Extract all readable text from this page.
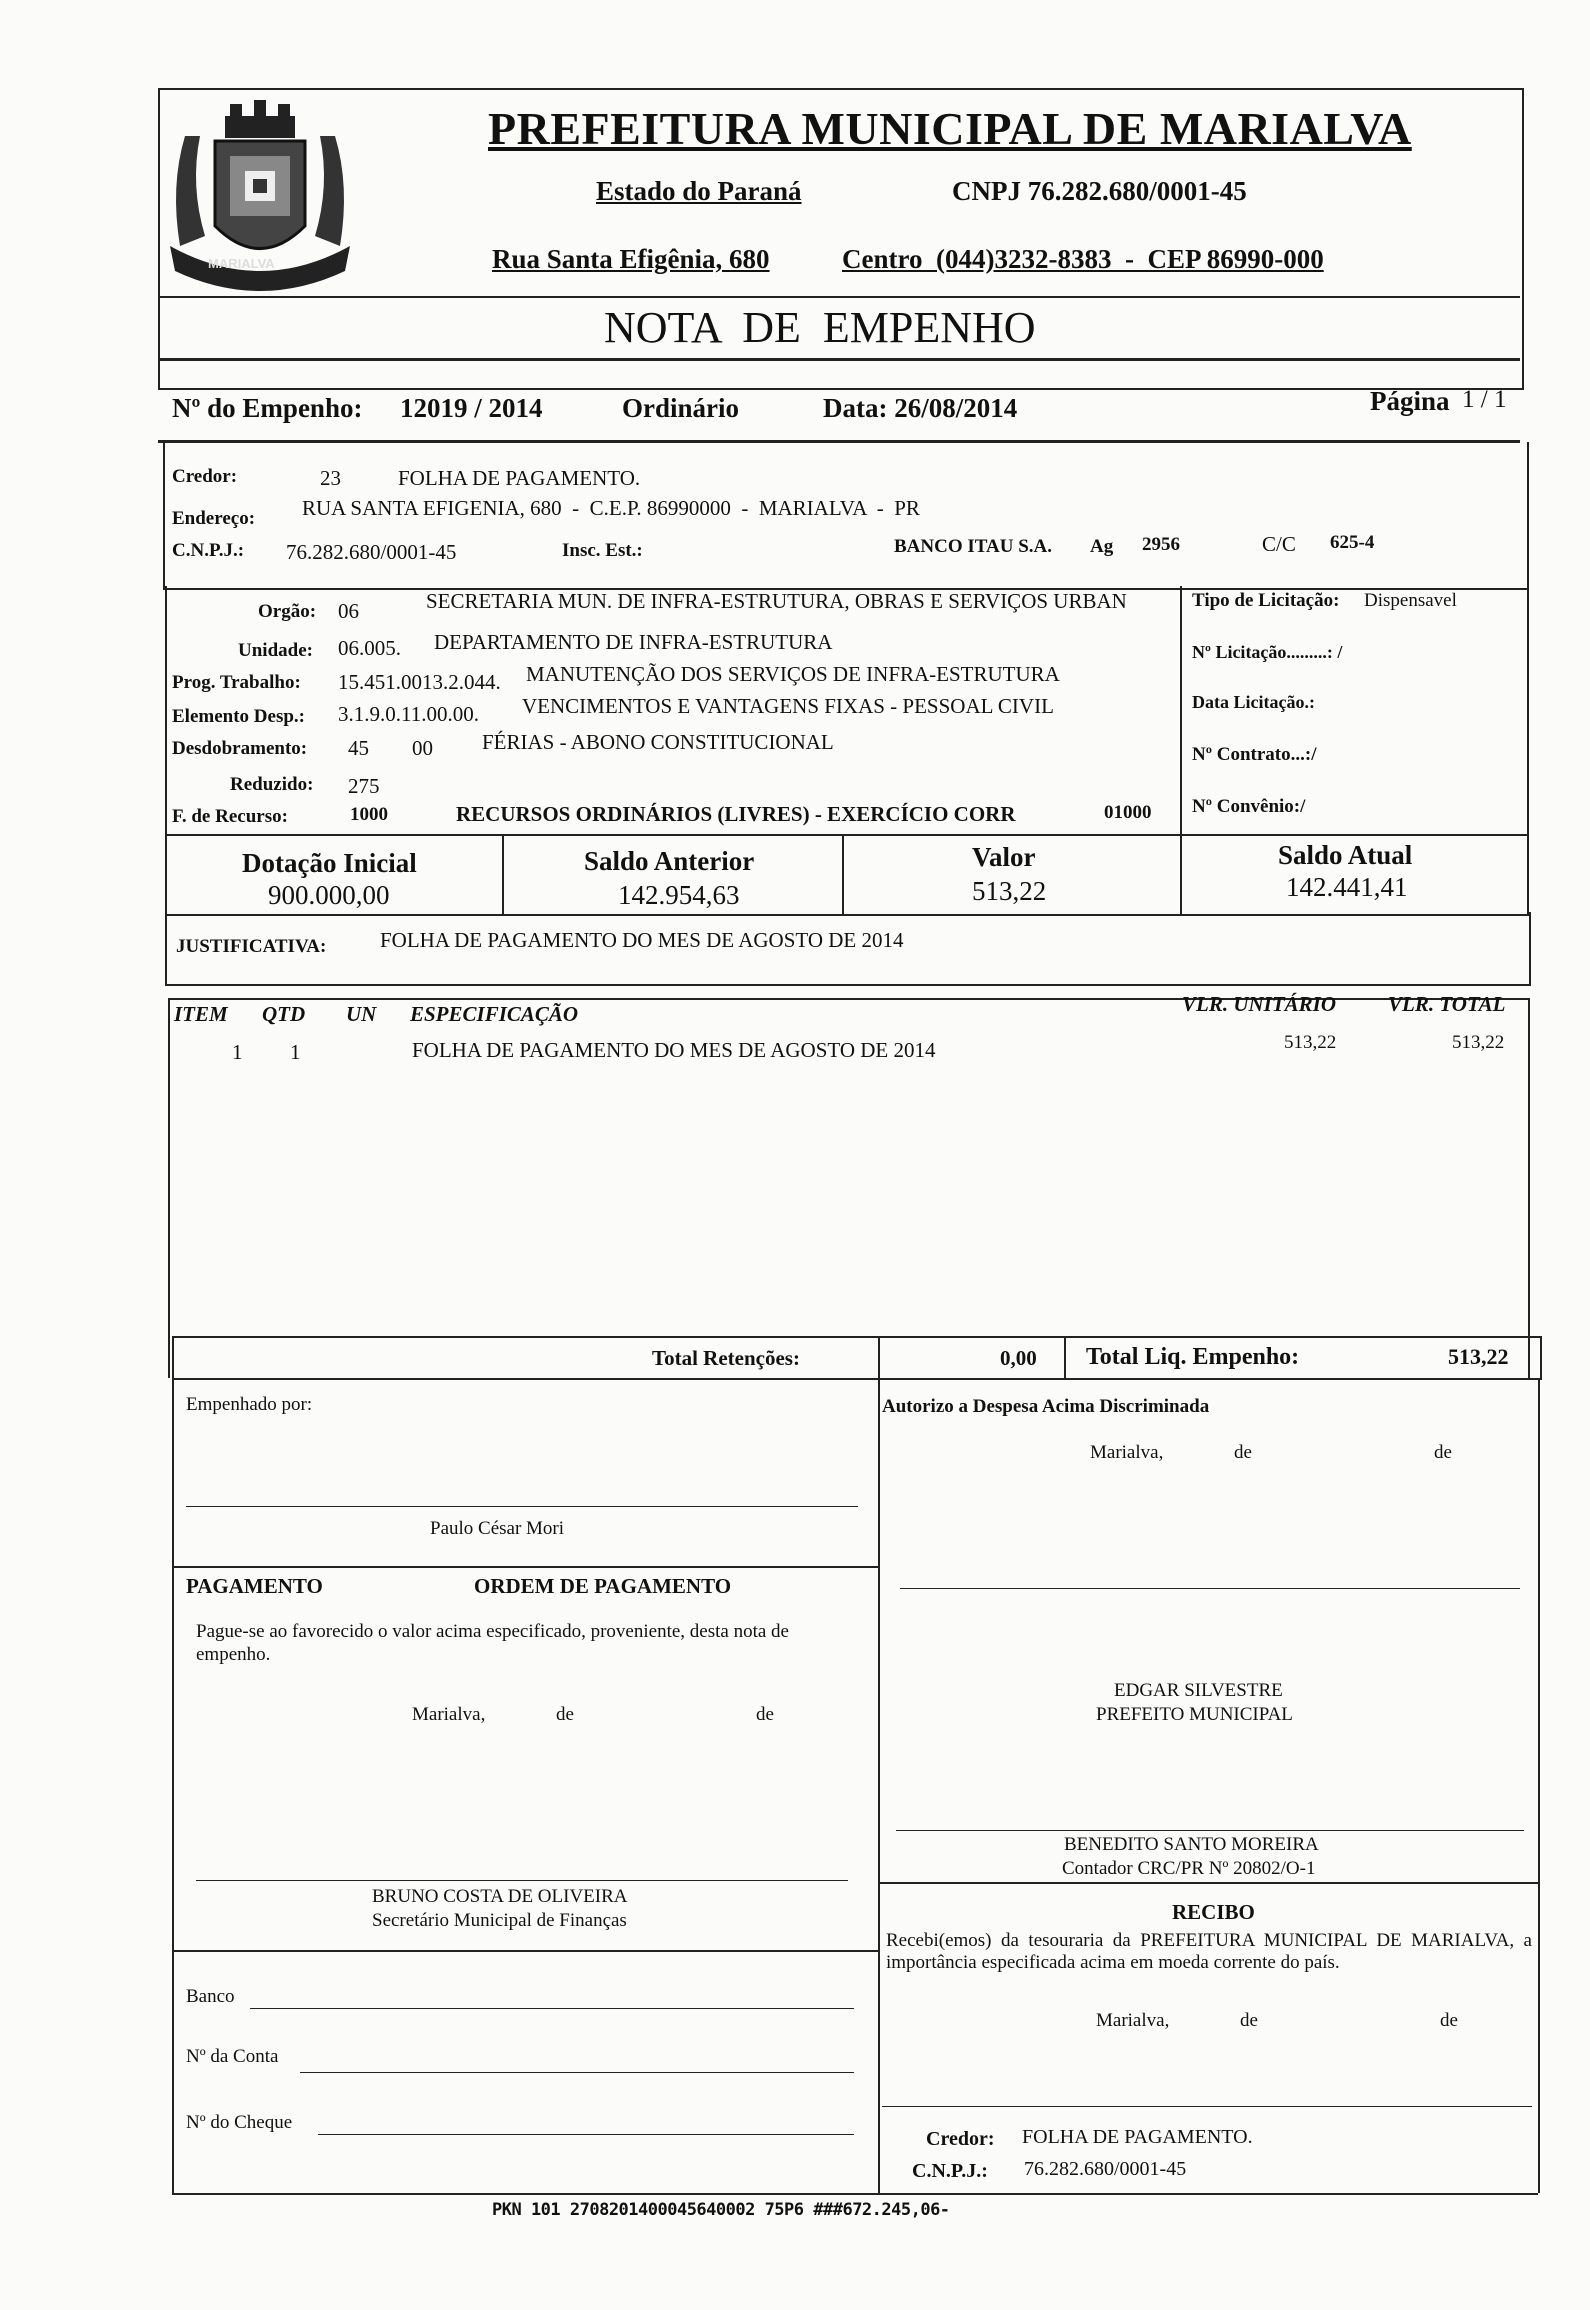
MARIALVA
PREFEITURA MUNICIPAL DE MARIALVA
Estado do Paraná	CNPJ 76.282.680/0001-45
Rua Santa Efigênia, 680	Centro  (044)3232-8383  -  CEP 86990-000
NOTA  DE  EMPENHO
Nº do Empenho: 12019 / 2014	Ordinário	Data: 26/08/2014	Página 1 / 1
Credor:	23	FOLHA DE PAGAMENTO.
Endereço: RUA SANTA EFIGENIA, 680  -  C.E.P. 86990000  -  MARIALVA  -  PR
C.N.P.J.: 76.282.680/0001-45	Insc. Est.:	BANCO ITAU S.A. Ag 2956	C/C 625-4
Orgão: 06	SECRETARIA MUN. DE INFRA-ESTRUTURA, OBRAS E SERVIÇOS URBAN
Unidade: 06.005. DEPARTAMENTO DE INFRA-ESTRUTURA
Prog. Trabalho: 15.451.0013.2.044. MANUTENÇÃO DOS SERVIÇOS DE INFRA-ESTRUTURA
Elemento Desp.: 3.1.9.0.11.00.00. VENCIMENTOS E VANTAGENS FIXAS - PESSOAL CIVIL
Desdobramento: 45 00 FÉRIAS - ABONO CONSTITUCIONAL
Reduzido: 275
F. de Recurso:	1000	RECURSOS ORDINÁRIOS (LIVRES) - EXERCÍCIO CORR	01000
Tipo de Licitação: Dispensavel
Nº Licitação.........: /
Data Licitação.:
Nº Contrato...:/
Nº Convênio:/
Dotação Inicial
900.000,00
Saldo Anterior
142.954,63
Valor
513,22
Saldo Atual
142.441,41
JUSTIFICATIVA:	FOLHA DE PAGAMENTO DO MES DE AGOSTO DE 2014
ITEM QTD UN ESPECIFICAÇÃO	VLR. UNITÁRIO VLR. TOTAL
1 1	FOLHA DE PAGAMENTO DO MES DE AGOSTO DE 2014	513,22	513,22
Total Retenções:	0,00 Total Liq. Empenho:	513,22
Empenhado por:
Paulo César Mori
Autorizo a Despesa Acima Discriminada
Marialva,	de	de
PAGAMENTO	ORDEM DE PAGAMENTO
Pague-se ao favorecido o valor acima especificado, proveniente, desta nota de empenho.
Marialva,	de	de
EDGAR SILVESTRE
PREFEITO MUNICIPAL
BENEDITO SANTO MOREIRA
Contador CRC/PR Nº 20802/O-1
BRUNO COSTA DE OLIVEIRA
Secretário Municipal de Finanças
Banco
Nº da Conta
Nº do Cheque
RECIBO
Recebi(emos) da tesouraria da PREFEITURA MUNICIPAL DE MARIALVA, a importância especificada acima em moeda corrente do país.
Marialva,	de	de
Credor: FOLHA DE PAGAMENTO.
C.N.P.J.: 76.282.680/0001-45
PKN 101 2708201400045640002 75P6 ###672.245,06-
